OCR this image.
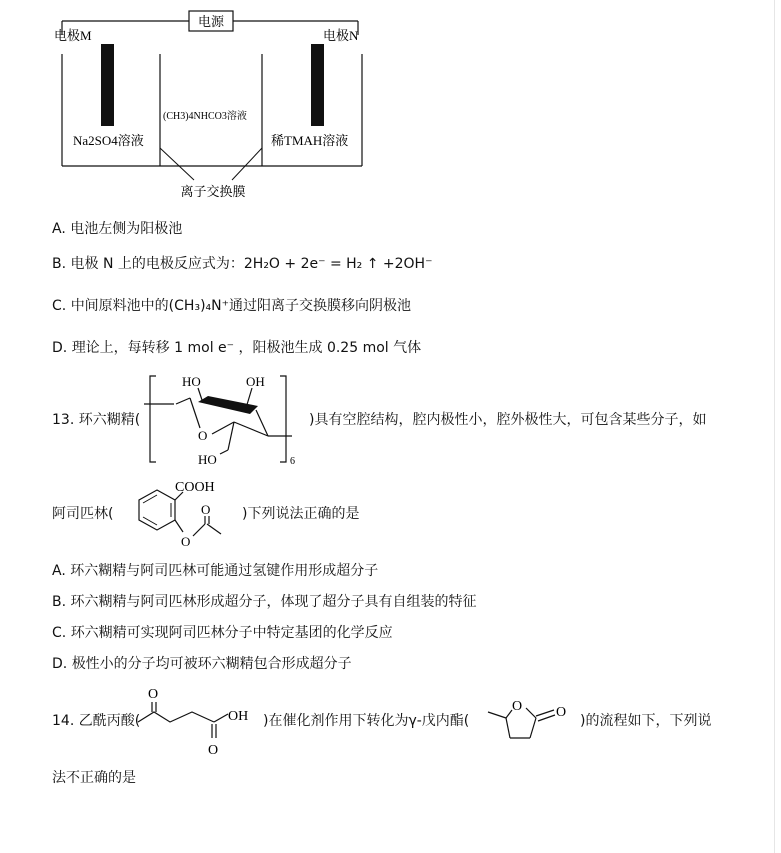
电源
电极M	电极N
Na2SO4溶液
(CH3)4NHCO3溶液
稀TMAH溶液
离子交换膜
A. 电池左侧为阳极池
B. 电极 N 上的电极反应式为：2H₂O + 2e⁻ = H₂ ↑ +2OH⁻
C. 中间原料池中的(CH₃)₄N⁺通过阳离子交换膜移向阴极池
D. 理论上，每转移 1 mol e⁻ ，阳极池生成 0.25 mol 气体
13. 环六糊精(
6
O
HO	OH
HO
)具有空腔结构，腔内极性小，腔外极性大，可包含某些分子，如
阿司匹林(
COOH
O
O )下列说法正确的是
A. 环六糊精与阿司匹林可能通过氢键作用形成超分子
B. 环六糊精与阿司匹林形成超分子，体现了超分子具有自组装的特征
C. 环六糊精可实现阿司匹林分子中特定基团的化学反应
D. 极性小的分子均可被环六糊精包合形成超分子
14. 乙酰丙酸(
O
OH
O
)在催化剂作用下转化为γ-戊内酯(
O O
)的流程如下，下列说
法不正确的是
